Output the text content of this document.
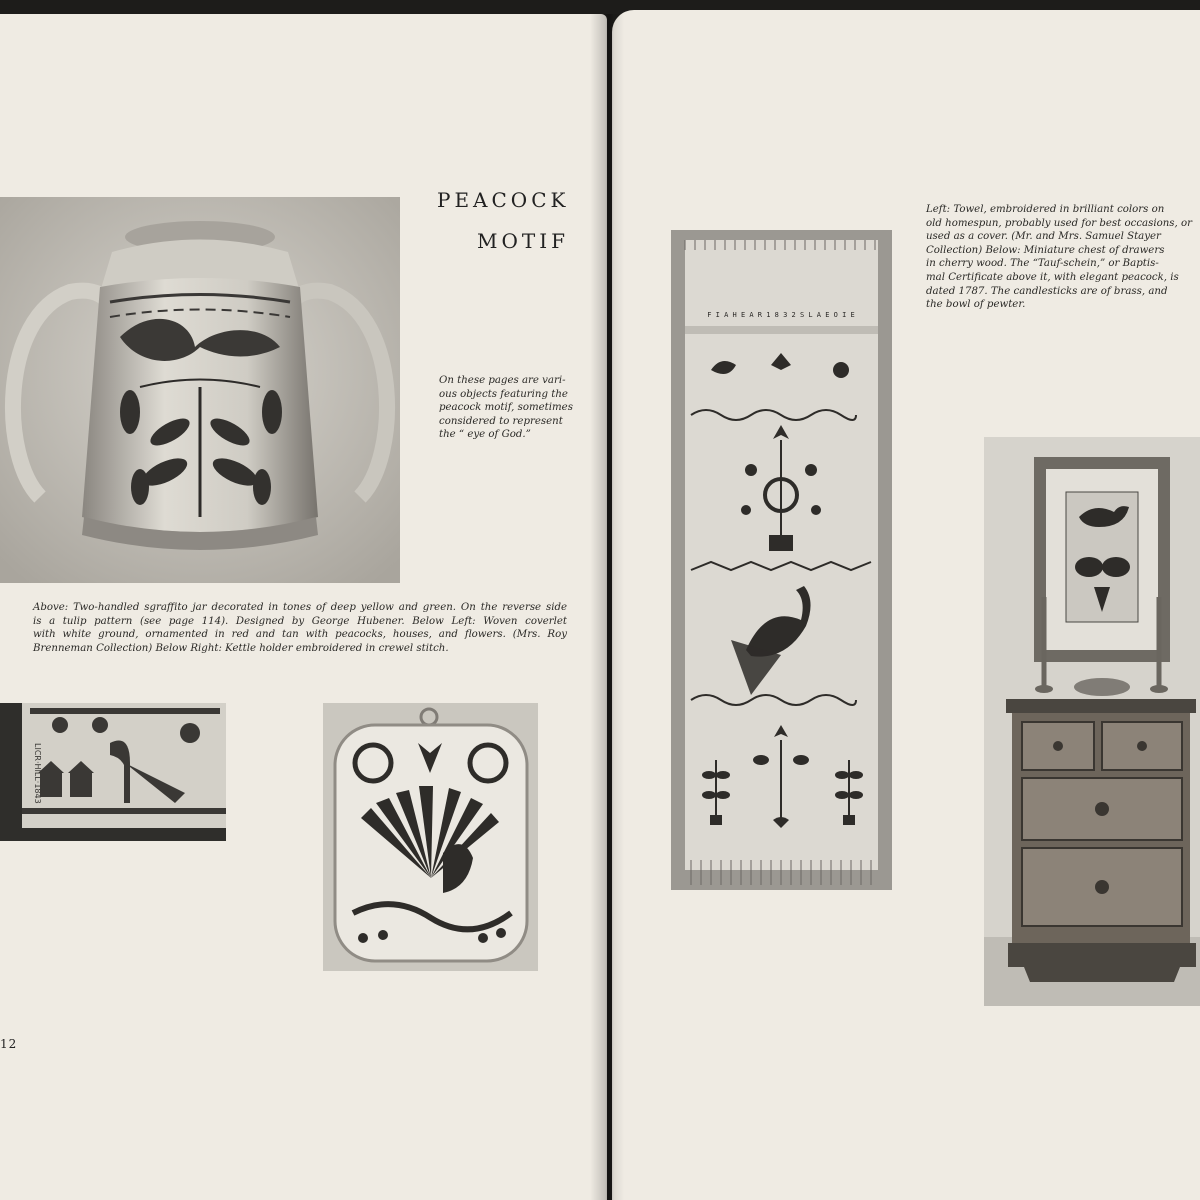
PEACOCK
MOTIF
On these pages are vari-
ous objects featuring the
peacock motif, sometimes
considered to represent
the “ eye of God.”
Above: Two-handled sgraffito jar decorated in tones of deep yellow and green. On the reverse side
is a tulip pattern (see page 114). Designed by George Hubener. Below Left: Woven coverlet
with white ground, ornamented in red and tan with peacocks, houses, and flowers. (Mrs. Roy
Brenneman Collection) Below Right: Kettle holder embroidered in crewel stitch.
LICR·HILL·1843
12
Left: Towel, embroidered in brilliant colors on
old homespun, probably used for best occasions, or
used as a cover. (Mr. and Mrs. Samuel Stayer
Collection) Below: Miniature chest of drawers
in cherry wood. The “Tauf-schein,” or Baptis-
mal Certificate above it, with elegant peacock, is
dated 1787. The candlesticks are of brass, and
the bowl of pewter.
F I A H E A R 1 8 3 2 S L A E O I E
